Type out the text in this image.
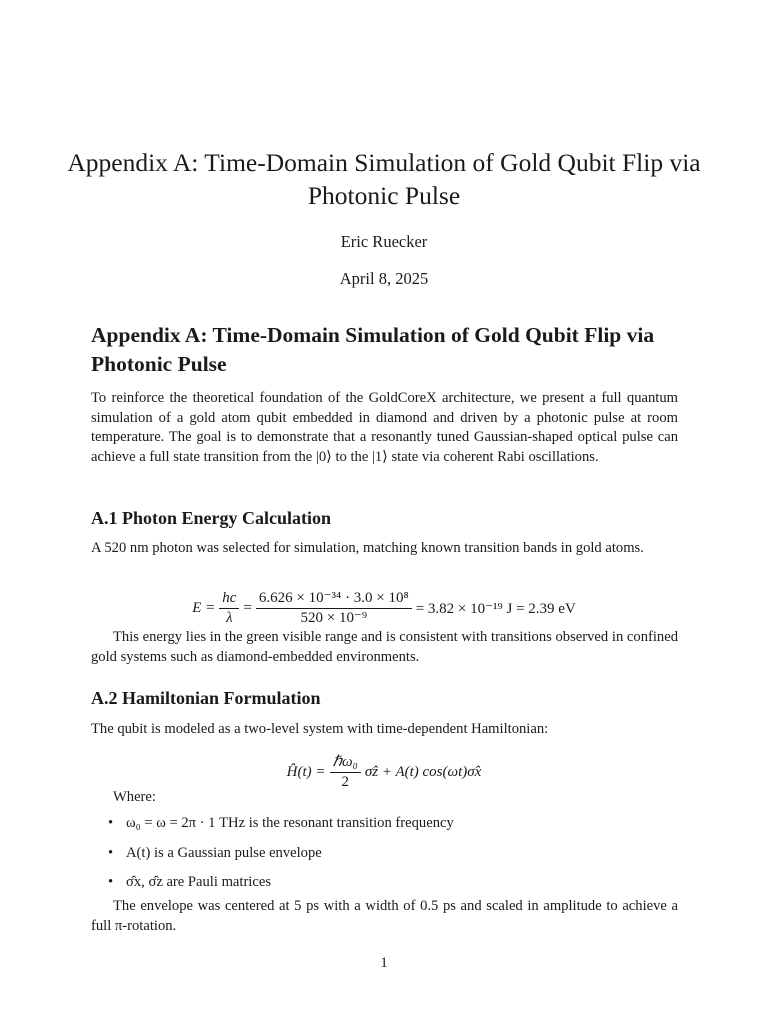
Appendix A: Time-Domain Simulation of Gold Qubit Flip via Photonic Pulse
Eric Ruecker
April 8, 2025
Appendix A: Time-Domain Simulation of Gold Qubit Flip via Photonic Pulse

To reinforce the theoretical foundation of the GoldCoreX architecture, we present a full quantum simulation of a gold atom qubit embedded in diamond and driven by a photonic pulse at room temperature. The goal is to demonstrate that a resonantly tuned Gaussian-shaped optical pulse can achieve a full state transition from the |0⟩ to the |1⟩ state via coherent Rabi oscillations.

A.1 Photon Energy Calculation

A 520 nm photon was selected for simulation, matching known transition bands in gold atoms.

$E = \frac{hc}{\lambda} = \frac{\text{6.626 × 10⁻³⁴ · 3.0 × 10⁸}}{\text{520 × 10⁻⁹}} = 3.82 \times 10^{-19}$ J = 2.39 eV

This energy lies in the green visible range and is consistent with transitions observed in confined gold systems such as diamond-embedded environments.

A.2 Hamiltonian Formulation

The qubit is modeled as a two-level system with time-dependent Hamiltonian:

Ĥ(t) = $\frac{\text{ℏω₀}}{2}$ σ̂z + A(t) cos(ωt)σ̂x

Where:

• ω₀ = ω = 2π · 1 THz is the resonant transition frequency
• A(t) is a Gaussian pulse envelope
• σ̂x, σ̂z are Pauli matrices

The envelope was centered at 5 ps with a width of 0.5 ps and scaled in amplitude to achieve a full π-rotation.

1
